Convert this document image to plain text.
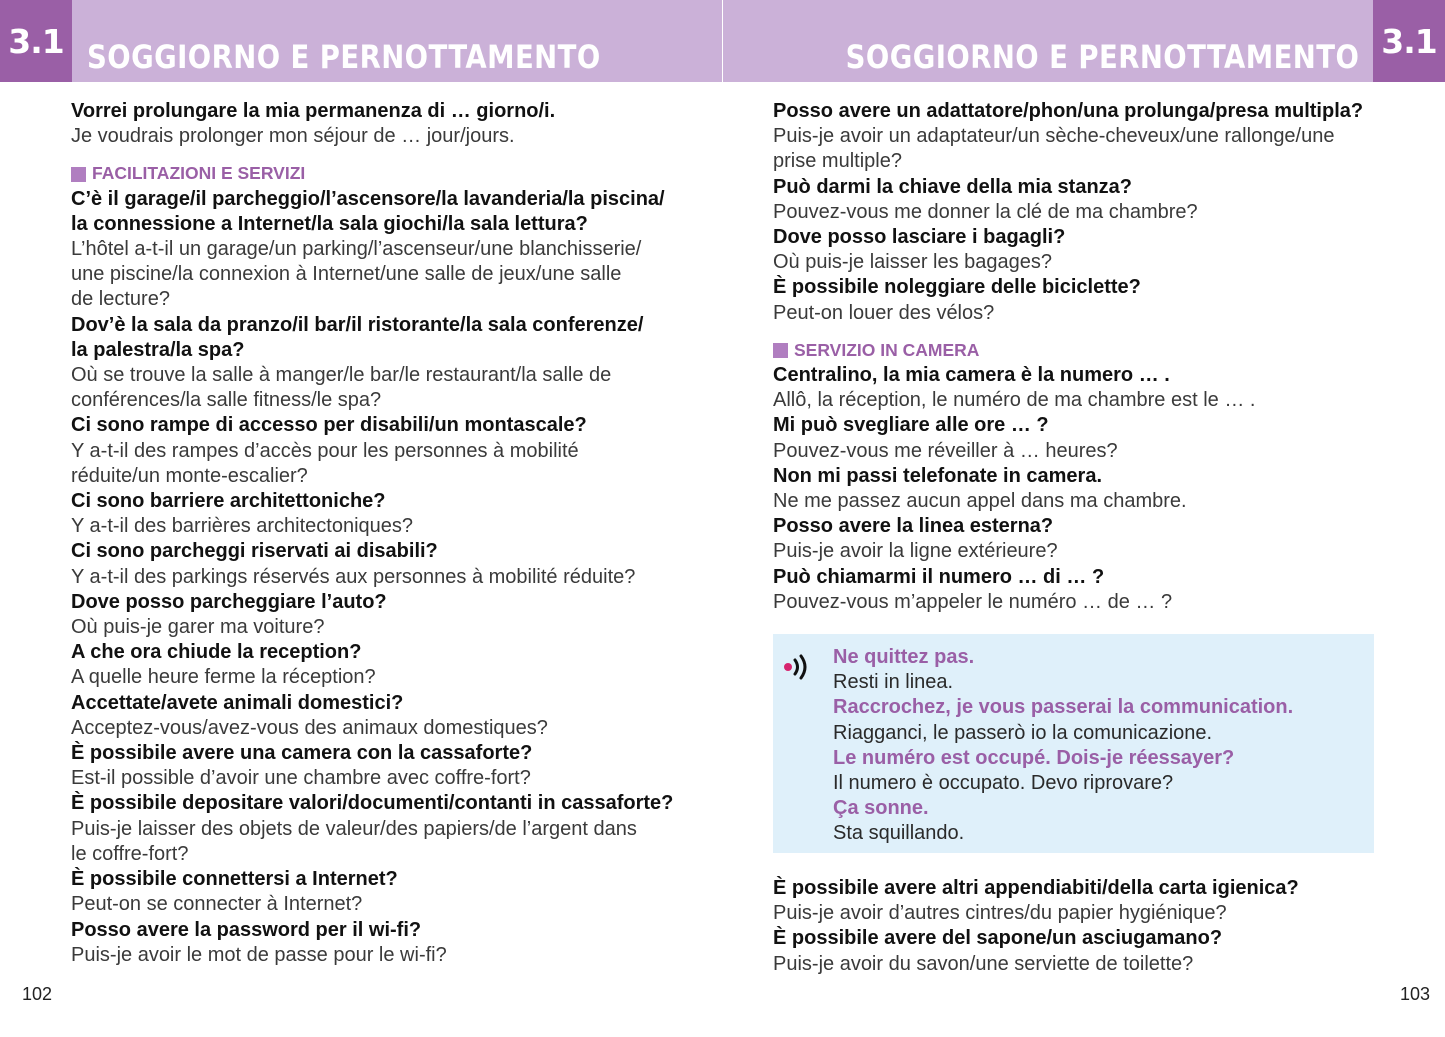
3.1 SOGGIORNO E PERNOTTAMENTO
Vorrei prolungare la mia permanenza di … giorno/i.
Je voudrais prolonger mon séjour de … jour/jours.
FACILITAZIONI E SERVIZI
C’è il garage/il parcheggio/l’ascensore/la lavanderia/la piscina/
la connessione a Internet/la sala giochi/la sala lettura?
L’hôtel a-t-il un garage/un parking/l’ascenseur/une blanchisserie/
une piscine/la connexion à Internet/une salle de jeux/une salle
de lecture?
Dov’è la sala da pranzo/il bar/il ristorante/la sala conferenze/
la palestra/la spa?
Où se trouve la salle à manger/le bar/le restaurant/la salle de
conférences/la salle fitness/le spa?
Ci sono rampe di accesso per disabili/un montascale?
Y a-t-il des rampes d’accès pour les personnes à mobilité
réduite/un monte-escalier?
Ci sono barriere architettoniche?
Y a-t-il des barrières architectoniques?
Ci sono parcheggi riservati ai disabili?
Y a-t-il des parkings réservés aux personnes à mobilité réduite?
Dove posso parcheggiare l’auto?
Où puis-je garer ma voiture?
A che ora chiude la reception?
A quelle heure ferme la réception?
Accettate/avete animali domestici?
Acceptez-vous/avez-vous des animaux domestiques?
È possibile avere una camera con la cassaforte?
Est-il possible d’avoir une chambre avec coffre-fort?
È possibile depositare valori/documenti/contanti in cassaforte?
Puis-je laisser des objets de valeur/des papiers/de l’argent dans
le coffre-fort?
È possibile connettersi a Internet?
Peut-on se connecter à Internet?
Posso avere la password per il wi-fi?
Puis-je avoir le mot de passe pour le wi-fi?
102
3.1
SOGGIORNO E PERNOTTAMENTO
Posso avere un adattatore/phon/una prolunga/presa multipla?
Puis-je avoir un adaptateur/un sèche-cheveux/une rallonge/une
prise multiple?
Può darmi la chiave della mia stanza?
Pouvez-vous me donner la clé de ma chambre?
Dove posso lasciare i bagagli?
Où puis-je laisser les bagages?
È possibile noleggiare delle biciclette?
Peut-on louer des vélos?
SERVIZIO IN CAMERA
Centralino, la mia camera è la numero … .
Allô, la réception, le numéro de ma chambre est le … .
Mi può svegliare alle ore … ?
Pouvez-vous me réveiller à … heures?
Non mi passi telefonate in camera.
Ne me passez aucun appel dans ma chambre.
Posso avere la linea esterna?
Puis-je avoir la ligne extérieure?
Può chiamarmi il numero … di … ?
Pouvez-vous m’appeler le numéro … de … ?
Ne quittez pas.
Resti in linea.
Raccrochez, je vous passerai la communication.
Riagganci, le passerò io la comunicazione.
Le numéro est occupé. Dois-je réessayer?
Il numero è occupato. Devo riprovare?
Ça sonne.
Sta squillando.
È possibile avere altri appendiabiti/della carta igienica?
Puis-je avoir d’autres cintres/du papier hygiénique?
È possibile avere del sapone/un asciugamano?
Puis-je avoir du savon/une serviette de toilette?
103
